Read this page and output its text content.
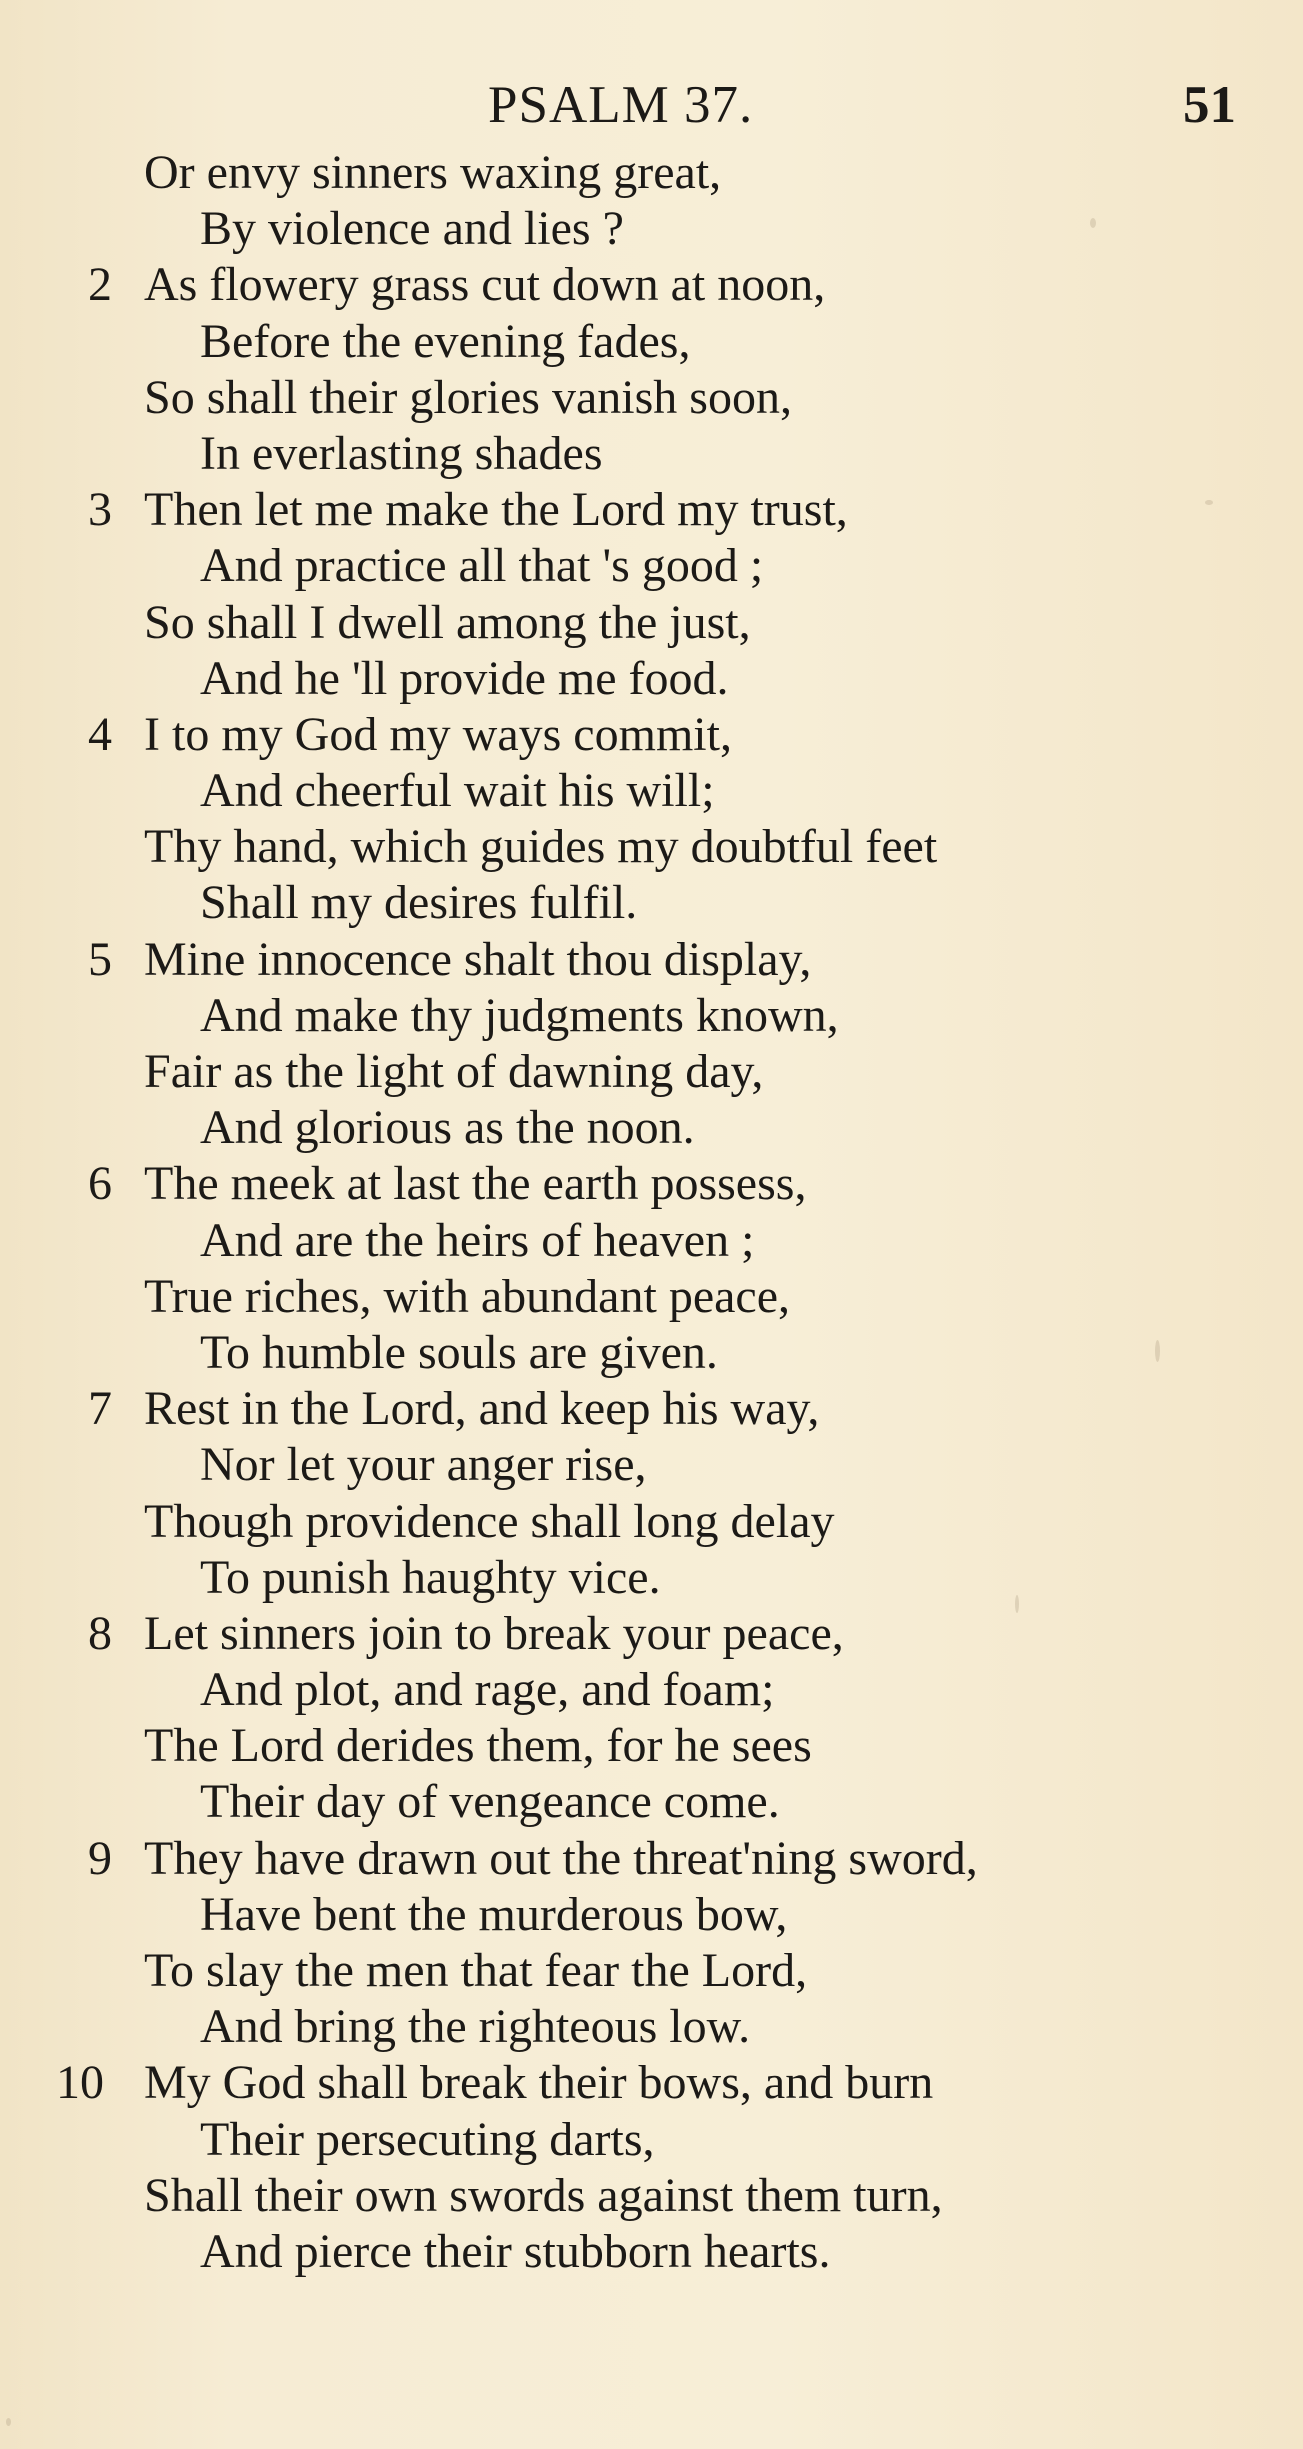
PSALM 37.	51
Or envy sinners waxing great,
By violence and lies ?
2 As flowery grass cut down at noon,
Before the evening fades,
So shall their glories vanish soon,
In everlasting shades
3 Then let me make the Lord my trust,
And practice all that 's good ;
So shall I dwell among the just,
And he 'll provide me food.
4 I to my God my ways commit,
And cheerful wait his will;
Thy hand, which guides my doubtful feet
Shall my desires fulfil.
5 Mine innocence shalt thou display,
And make thy judgments known,
Fair as the light of dawning day,
And glorious as the noon.
6 The meek at last the earth possess,
And are the heirs of heaven ;
True riches, with abundant peace,
To humble souls are given.
7 Rest in the Lord, and keep his way,
Nor let your anger rise,
Though providence shall long delay
To punish haughty vice.
8 Let sinners join to break your peace,
And plot, and rage, and foam;
The Lord derides them, for he sees
Their day of vengeance come.
9 They have drawn out the threat'ning sword,
Have bent the murderous bow,
To slay the men that fear the Lord,
And bring the righteous low.
10 My God shall break their bows, and burn
Their persecuting darts,
Shall their own swords against them turn,
And pierce their stubborn hearts.
